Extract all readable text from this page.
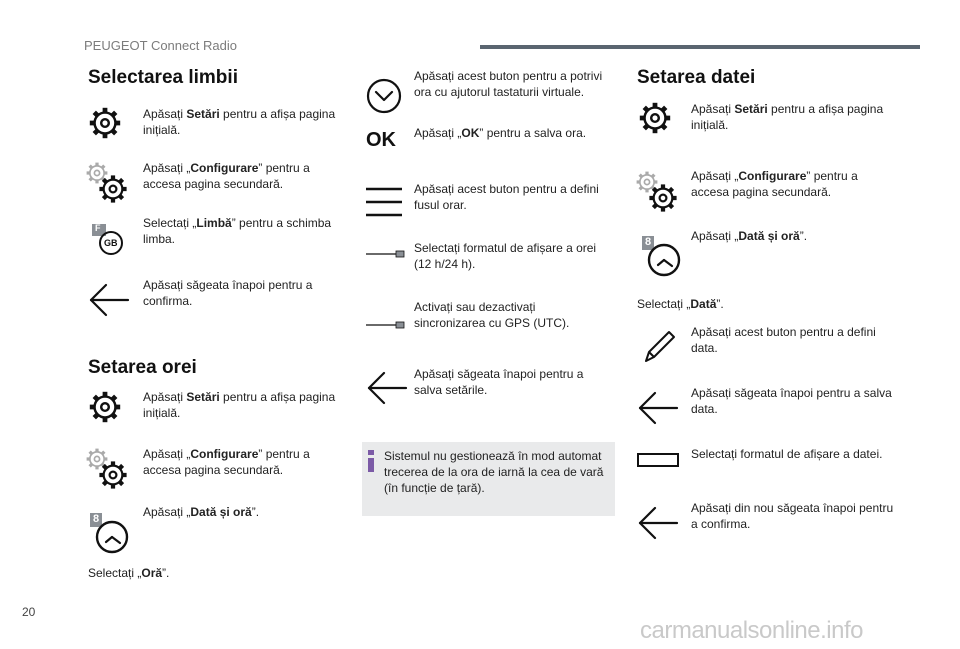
PEUGEOT Connect Radio
Selectarea limbii
Apăsați Setări pentru a afișa pagina inițială.
Apăsați „Configurare” pentru a accesa pagina secundară.
F
GB
Selectați „Limbă” pentru a schimba limba.
Apăsați săgeata înapoi pentru a confirma.
Setarea orei
Apăsați Setări pentru a afișa pagina inițială.
Apăsați „Configurare” pentru a accesa pagina secundară.
8	Apăsați „Dată și oră”.
Selectați „Oră”.
Apăsați acest buton pentru a potrivi ora cu ajutorul tastaturii virtuale.
OK Apăsați „OK” pentru a salva ora.
Apăsați acest buton pentru a defini fusul orar.
Selectați formatul de afișare a orei (12 h/24 h).
Activați sau dezactivați sincronizarea cu GPS (UTC).
Apăsați săgeata înapoi pentru a salva setările.
Sistemul nu gestionează în mod automat trecerea de la ora de iarnă la cea de vară (în funcție de țară).
Setarea datei
Apăsați Setări pentru a afișa pagina inițială.
Apăsați „Configurare” pentru a accesa pagina secundară.
8	Apăsați „Dată și oră”.
Selectați „Dată”.
Apăsați acest buton pentru a defini data.
Apăsați săgeata înapoi pentru a salva data.
Selectați formatul de afișare a datei.
Apăsați din nou săgeata înapoi pentru a confirma.
20
carmanualsonline.info
